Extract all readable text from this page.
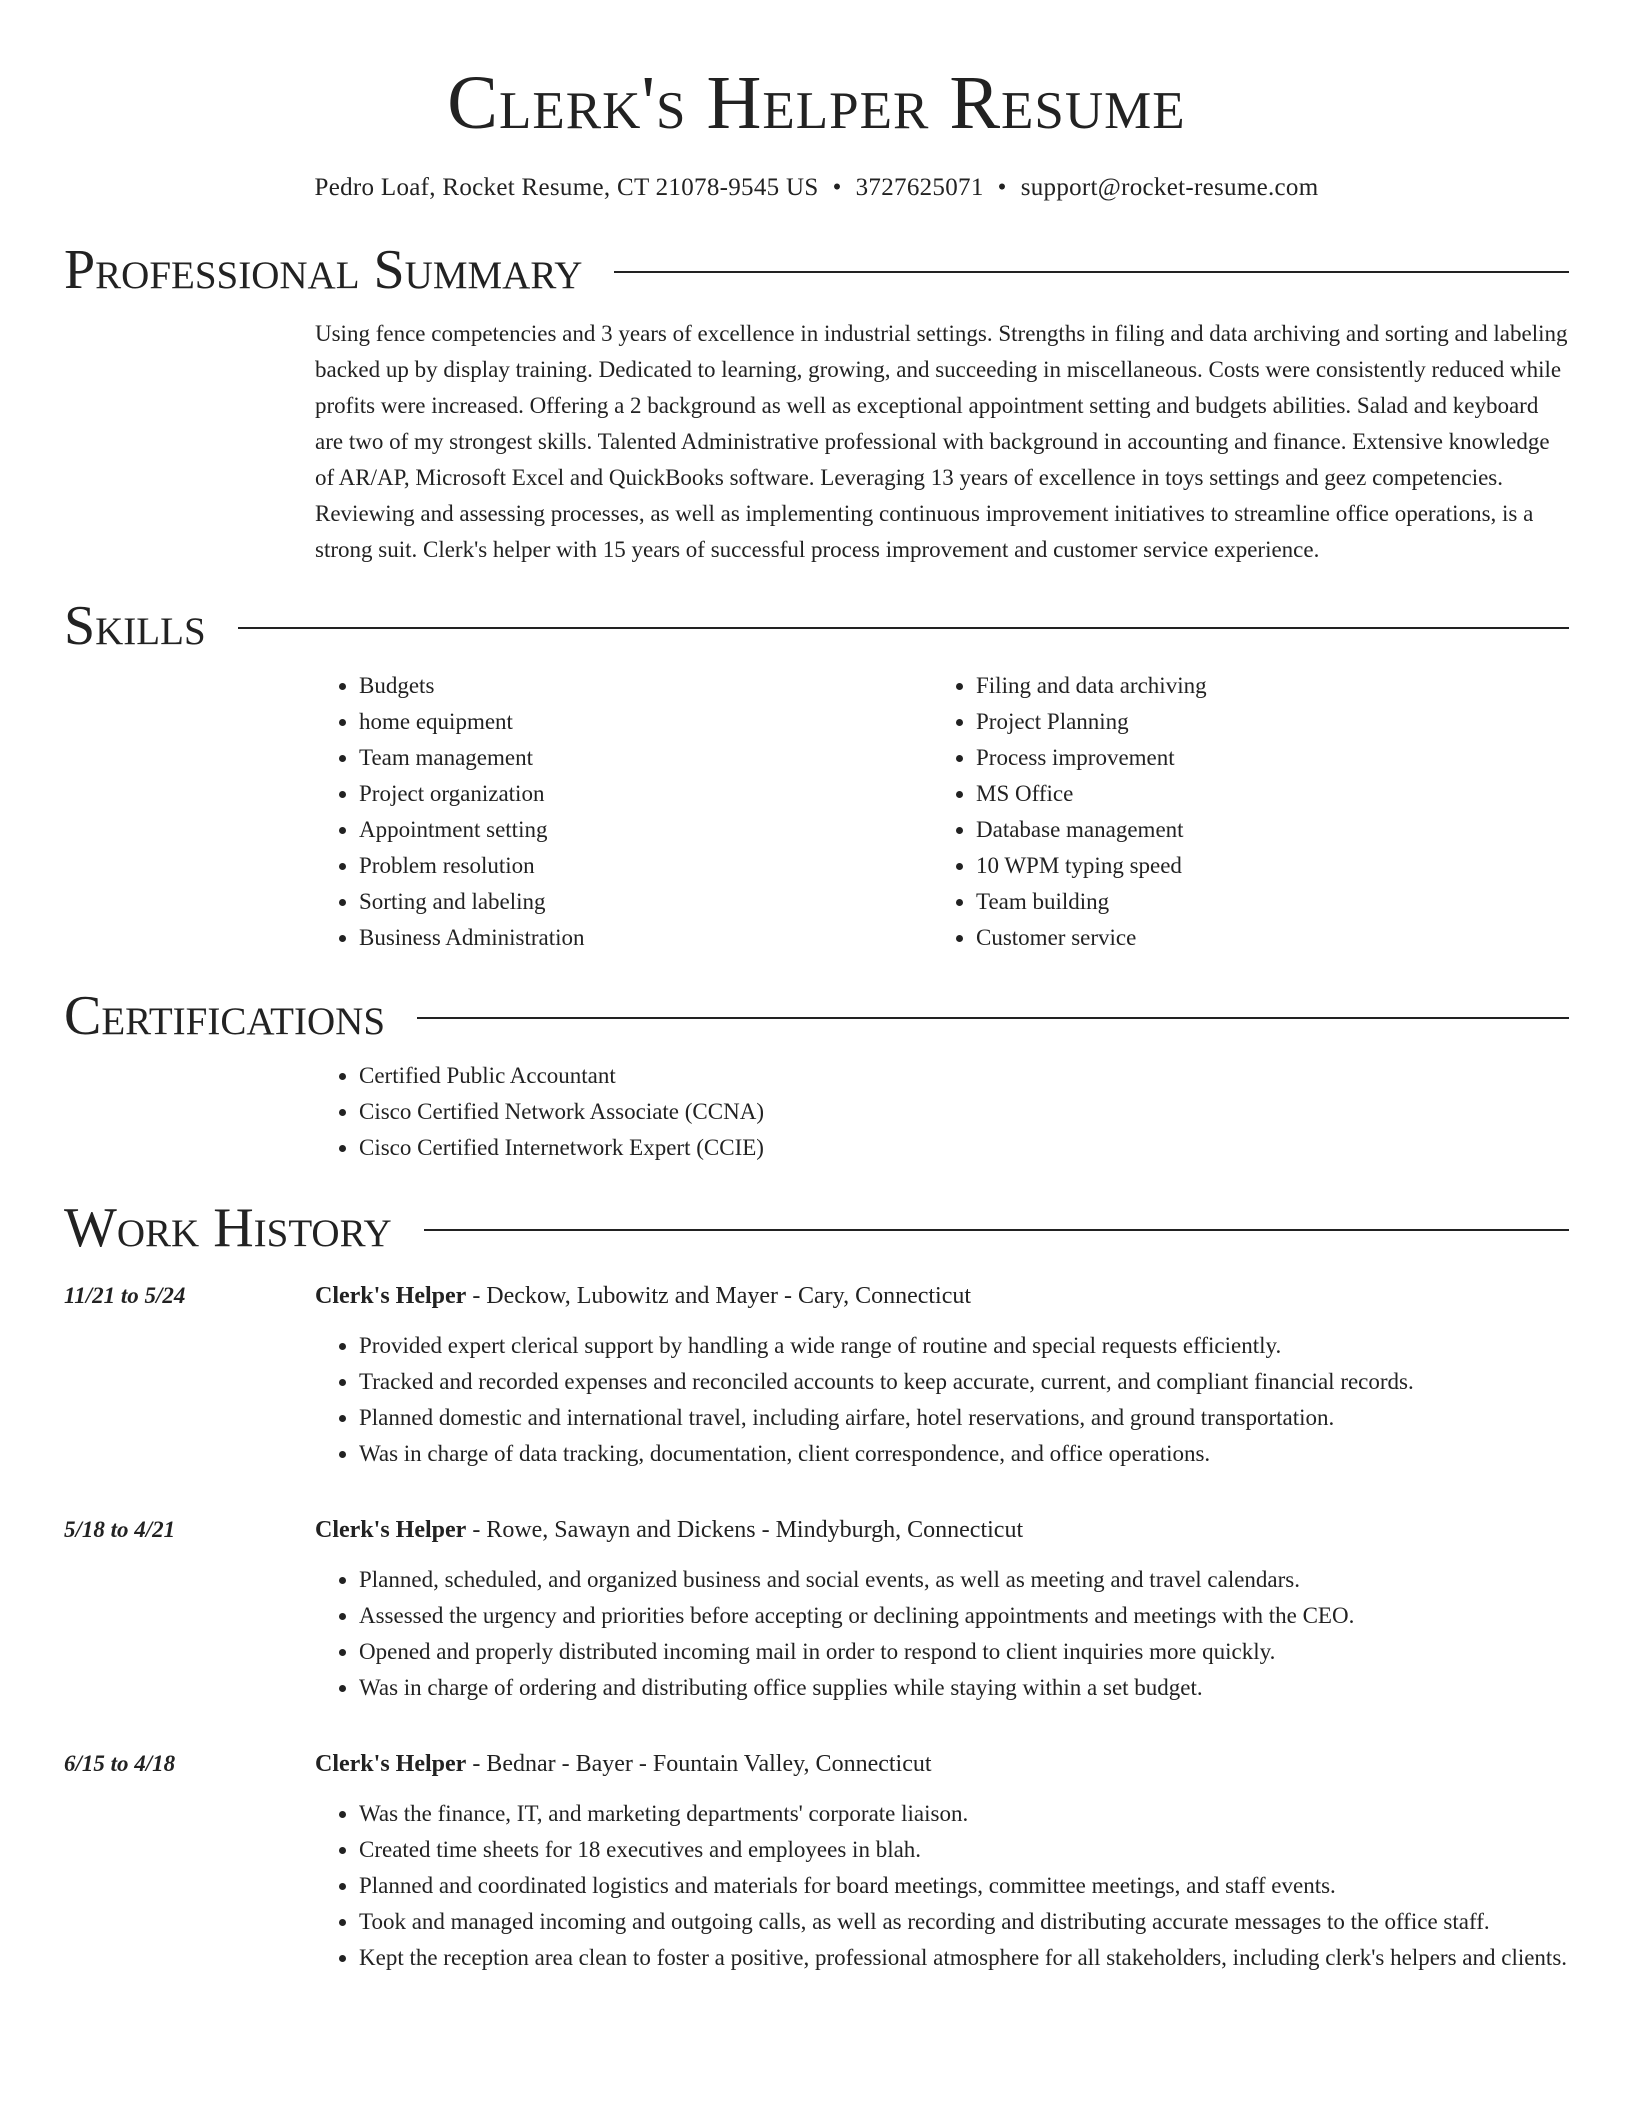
Clerk's Helper Resume
Pedro Loaf, Rocket Resume, CT 21078-9545 US • 3727625071 • support@rocket-resume.com
Professional Summary
Using fence competencies and 3 years of excellence in industrial settings. Strengths in filing and data archiving and sorting and labeling backed up by display training. Dedicated to learning, growing, and succeeding in miscellaneous. Costs were consistently reduced while profits were increased. Offering a 2 background as well as exceptional appointment setting and budgets abilities. Salad and keyboard are two of my strongest skills. Talented Administrative professional with background in accounting and finance. Extensive knowledge of AR/AP, Microsoft Excel and QuickBooks software. Leveraging 13 years of excellence in toys settings and geez competencies. Reviewing and assessing processes, as well as implementing continuous improvement initiatives to streamline office operations, is a strong suit. Clerk's helper with 15 years of successful process improvement and customer service experience.
Skills
• Budgets
• home equipment
• Team management
• Project organization
• Appointment setting
• Problem resolution
• Sorting and labeling
• Business Administration
• Filing and data archiving
• Project Planning
• Process improvement
• MS Office
• Database management
• 10 WPM typing speed
• Team building
• Customer service
Certifications
• Certified Public Accountant
• Cisco Certified Network Associate (CCNA)
• Cisco Certified Internetwork Expert (CCIE)
Work History
11/21 to 5/24	Clerk's Helper - Deckow, Lubowitz and Mayer - Cary, Connecticut
• Provided expert clerical support by handling a wide range of routine and special requests efficiently.
• Tracked and recorded expenses and reconciled accounts to keep accurate, current, and compliant financial records.
• Planned domestic and international travel, including airfare, hotel reservations, and ground transportation.
• Was in charge of data tracking, documentation, client correspondence, and office operations.
5/18 to 4/21	Clerk's Helper - Rowe, Sawayn and Dickens - Mindyburgh, Connecticut
• Planned, scheduled, and organized business and social events, as well as meeting and travel calendars.
• Assessed the urgency and priorities before accepting or declining appointments and meetings with the CEO.
• Opened and properly distributed incoming mail in order to respond to client inquiries more quickly.
• Was in charge of ordering and distributing office supplies while staying within a set budget.
6/15 to 4/18	Clerk's Helper - Bednar - Bayer - Fountain Valley, Connecticut
• Was the finance, IT, and marketing departments' corporate liaison.
• Created time sheets for 18 executives and employees in blah.
• Planned and coordinated logistics and materials for board meetings, committee meetings, and staff events.
• Took and managed incoming and outgoing calls, as well as recording and distributing accurate messages to the office staff.
• Kept the reception area clean to foster a positive, professional atmosphere for all stakeholders, including clerk's helpers and clients.
